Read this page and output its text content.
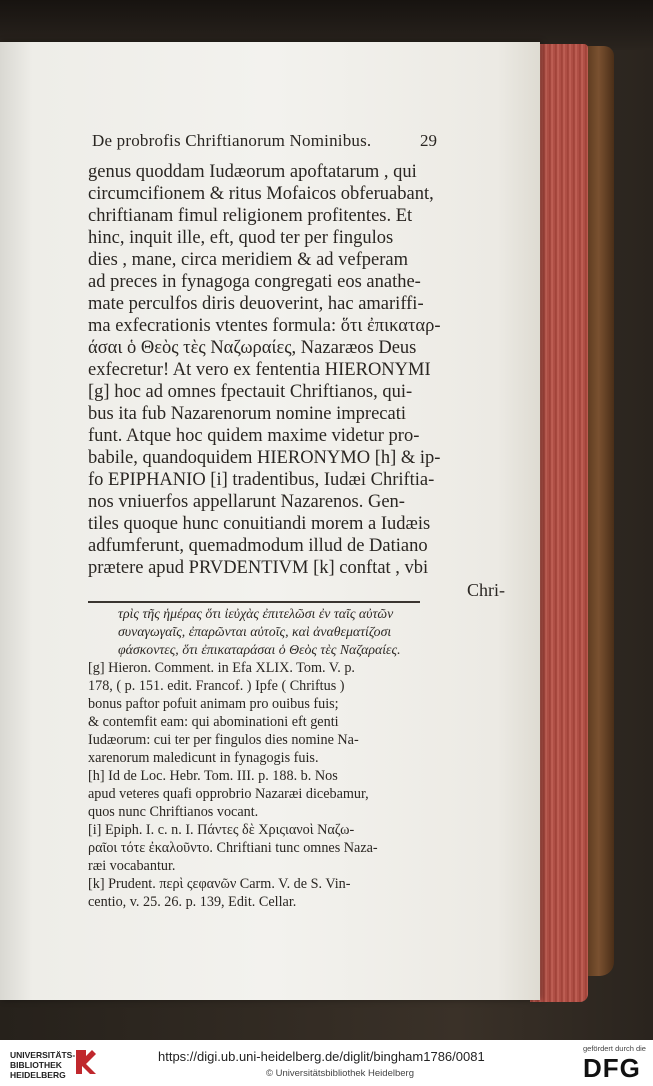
De probrofis Chriftianorum Nominibus.	29
genus quoddam Iudæorum apoftatarum , qui
circumcifionem & ritus Mofaicos obferuabant,
chriftianam fimul religionem profitentes. Et
hinc, inquit ille, eft, quod ter per fingulos
dies , mane, circa meridiem & ad vefperam
ad preces in fynagoga congregati eos anathe-
mate perculfos diris deuoverint, hac amariffi-
ma exfecrationis vtentes formula: ὅτι ἐπικαταρ-
άσαι ὁ Θεὸς τὲς Ναζωραίες, Nazaræos Deus
exfecretur! At vero ex fententia HIERONYMI
[g] hoc ad omnes fpectauit Chriftianos, qui-
bus ita fub Nazarenorum nomine imprecati
funt. Atque hoc quidem maxime videtur pro-
babile, quandoquidem HIERONYMO [h] & ip-
fo EPIPHANIO [i] tradentibus, Iudæi Chriftia-
nos vniuerfos appellarunt Nazarenos. Gen-
tiles quoque hunc conuitiandi morem a Iudæis
adfumferunt, quemadmodum illud de Datiano
prætere apud PRVDENTIVM [k] conftat , vbi
Chri-
τρὶς τῆς ἡμέρας ὅτι ἰεὐχὰς ἐπιτελῶσι ἐν ταῖς αὐτῶν
συναγωγαῖς, ἐπαρῶνται αὐτοῖς, καὶ ἀναθεματίζοσι
φάσκοντες, ὅτι ἐπικαταράσαι ὁ Θεὸς τὲς Ναζαραίες.
[g] Hieron. Comment. in Efa XLIX. Tom. V. p.
178, ( p. 151. edit. Francof. ) Ipfe ( Chriftus )
bonus paftor pofuit animam pro ouibus fuis;
& contemfit eam: qui abominationi eft genti
Iudæorum: cui ter per fingulos dies nomine Na-
xarenorum maledicunt in fynagogis fuis.
[h] Id de Loc. Hebr. Tom. III. p. 188. b. Nos
apud veteres quafi opprobrio Nazaræi dicebamur,
quos nunc Chriftianos vocant.
[i] Epiph. I. c. n. I. Πάντες δὲ Χριςιανοὶ Ναζω-
ραῖοι τότε ἐκαλοῦντο. Chriftiani tunc omnes Naza-
ræi vocabantur.
[k] Prudent. περὶ ςεφανῶν Carm. V. de S. Vin-
centio, v. 25. 26. p. 139, Edit. Cellar.
UNIVERSITÄTS-
BIBLIOTHEK
HEIDELBERG
https://digi.ub.uni-heidelberg.de/diglit/bingham1786/0081
© Universitätsbibliothek Heidelberg
gefördert durch die
DFG
